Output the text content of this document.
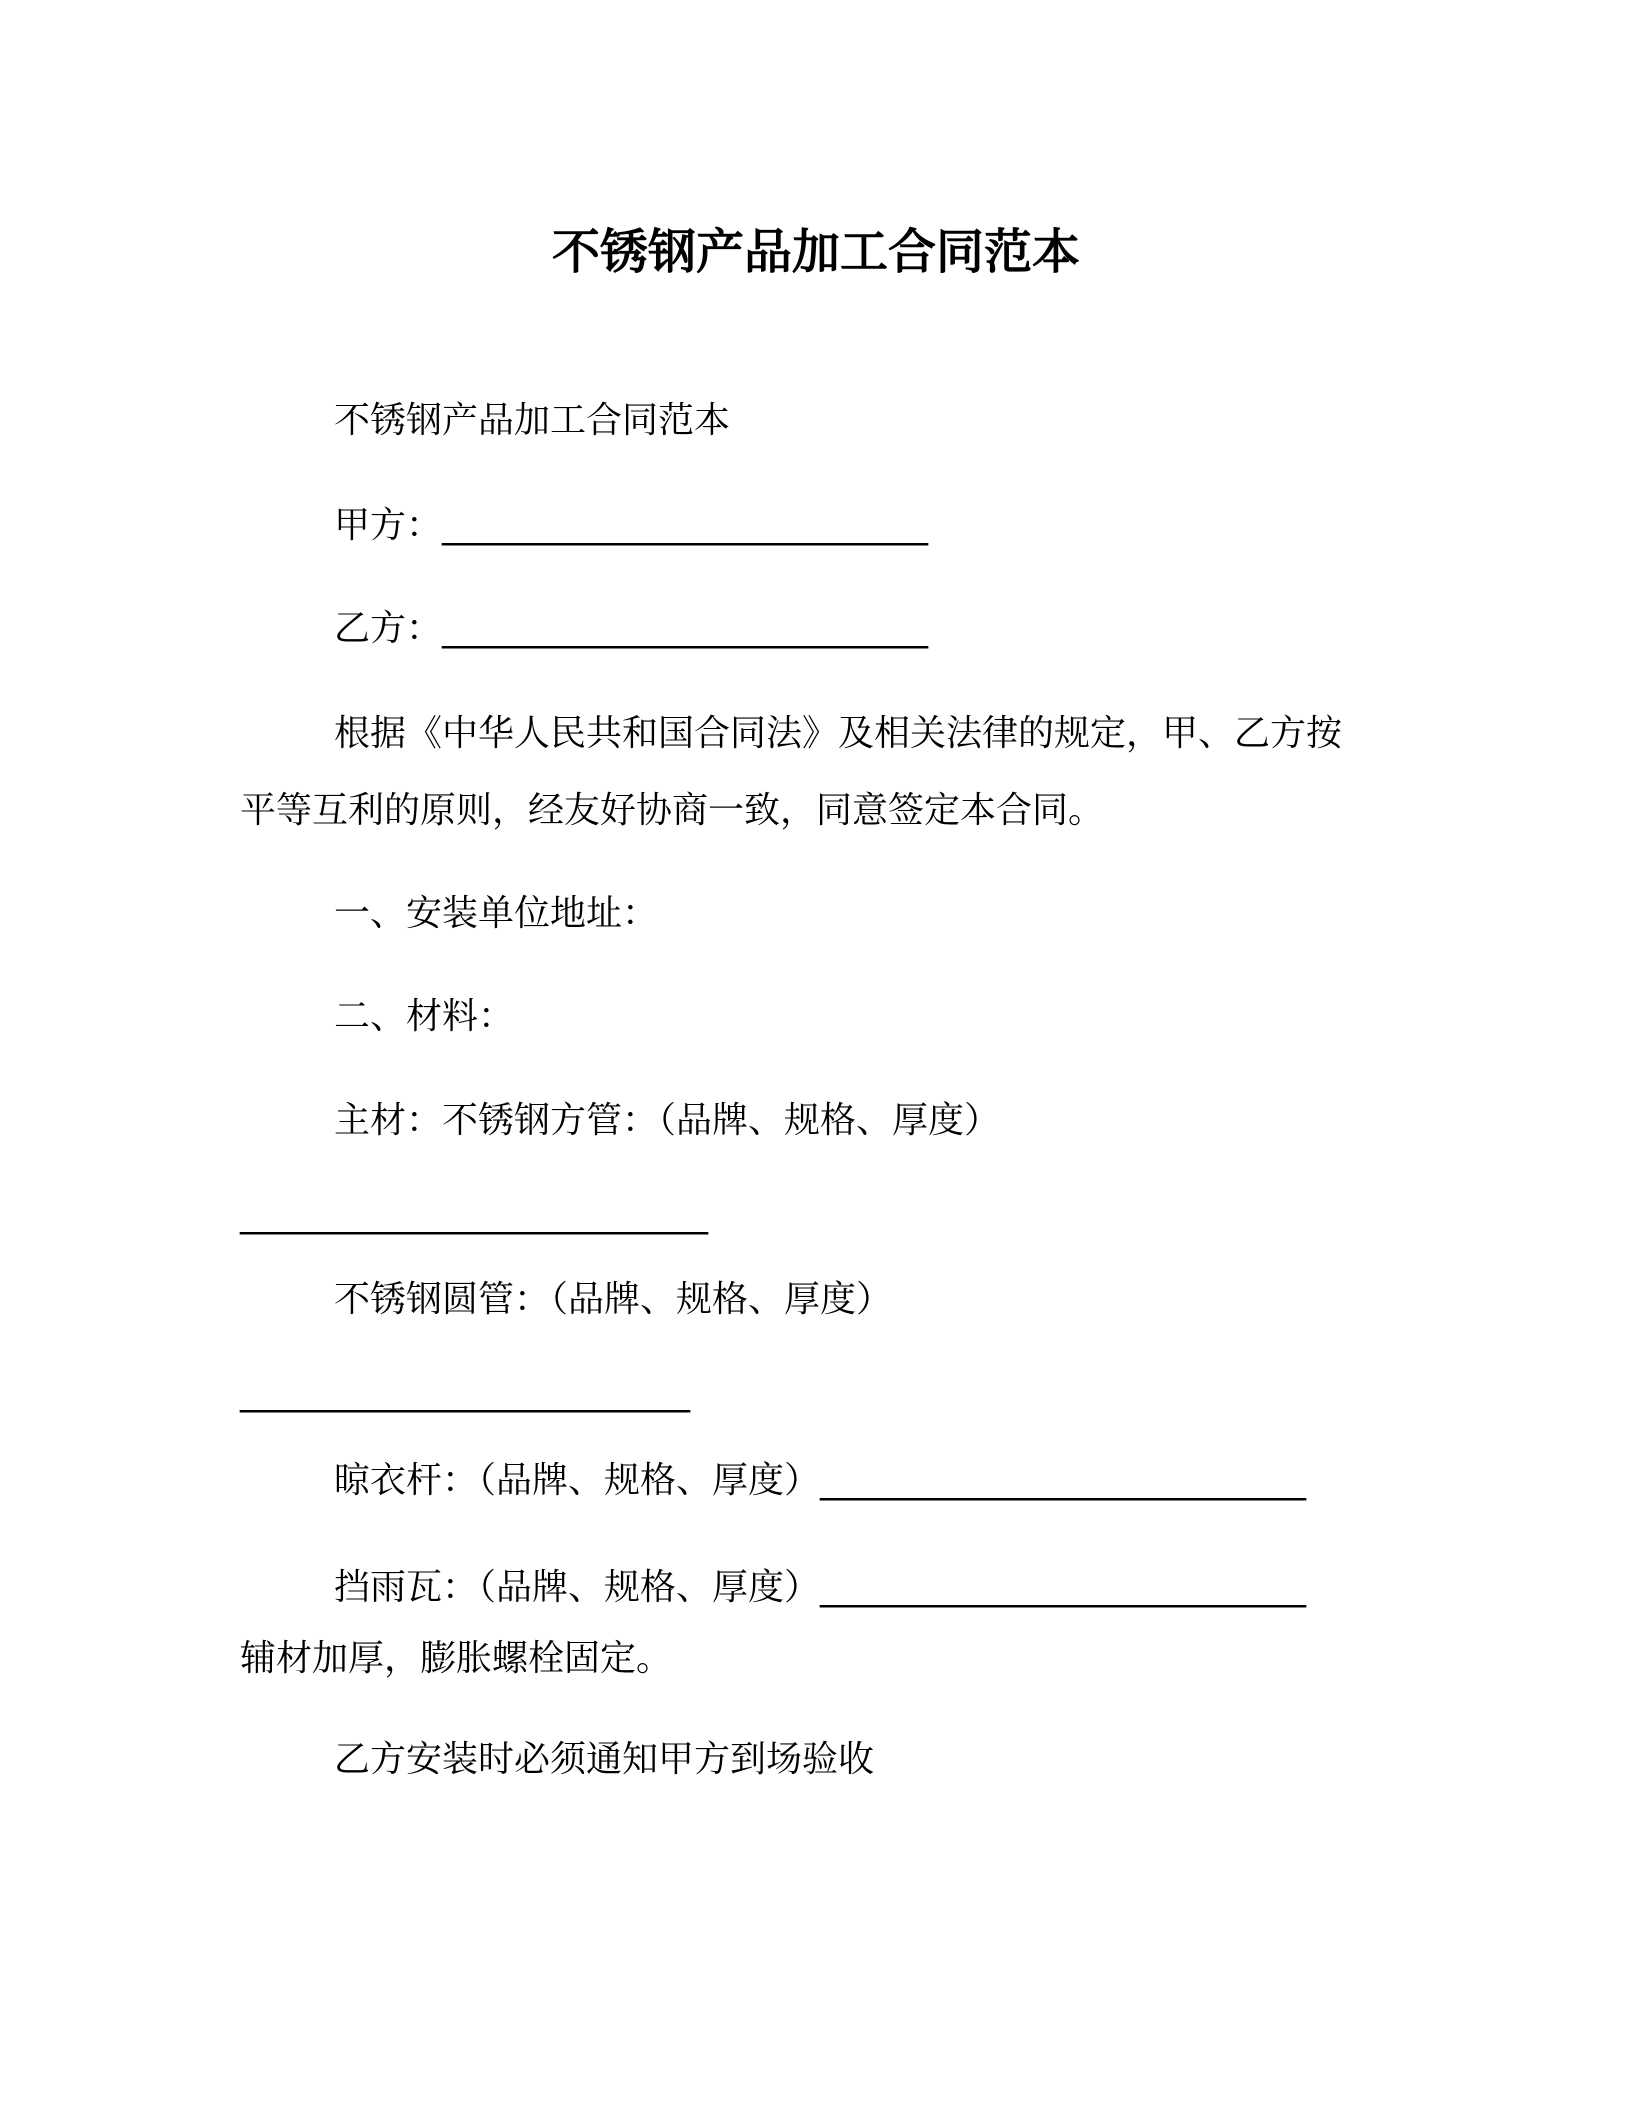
不锈钢产品加工合同范本
不锈钢产品加工合同范本
甲方：___________________________
乙方：___________________________
根据《中华人民共和国合同法》及相关法律的规定，甲、乙方按
平等互利的原则，经友好协商一致，同意签定本合同。
一、安装单位地址：
二、材料：
主材：不锈钢方管：（品牌、规格、厚度）
__________________________
不锈钢圆管：（品牌、规格、厚度）
_________________________
晾衣杆：（品牌、规格、厚度）___________________________
挡雨瓦：（品牌、规格、厚度）___________________________
辅材加厚，膨胀螺栓固定。
乙方安装时必须通知甲方到场验收
